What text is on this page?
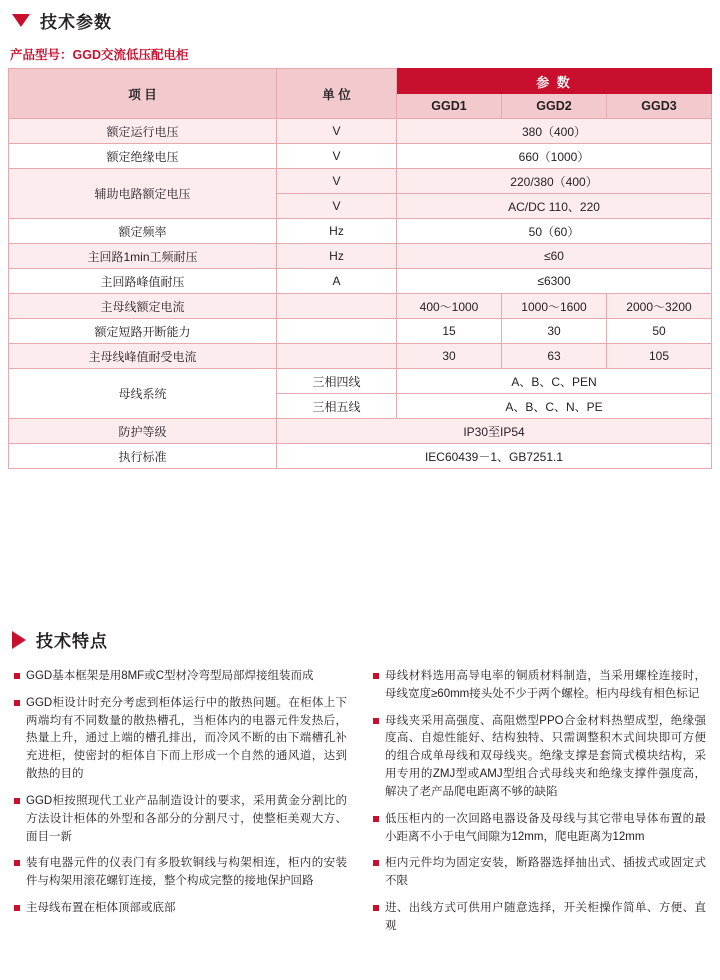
技术参数
产品型号：GGD交流低压配电柜
项 目	单 位	参 数		
		GGD1	GGD2	GGD3
额定运行电压	V	380（400）		
额定绝缘电压	V	660（1000）		
辅助电路额定电压	V	220/380（400）		
	V	AC/DC 110、220		
额定频率	Hz	50（60）		
主回路1min工频耐压	Hz	≤60		
主回路峰值耐压	A	≤6300		
主母线额定电流		400～1000	1000～1600	2000～3200
额定短路开断能力		15	30	50
主母线峰值耐受电流		30	63	105
母线系统	三相四线	A、B、C、PEN		
	三相五线	A、B、C、N、PE		
防护等级	IP30至IP54			
执行标准	IEC60439－1、GB7251.1			
技术特点
GGD基本框架是用8MF或C型材冷弯型局部焊接组装而成
GGD柜设计时充分考虑到柜体运行中的散热问题。在柜体上下两端均有不同数量的散热槽孔，当柜体内的电器元件发热后，热量上升，通过上端的槽孔排出，而冷风不断的由下端槽孔补充进柜，使密封的柜体自下而上形成一个自然的通风道，达到散热的目的
GGD柜按照现代工业产品制造设计的要求，采用黄金分割比的方法设计柜体的外型和各部分的分割尺寸，使整柜美观大方、面目一新
装有电器元件的仪表门有多股软铜线与构架相连，柜内的安装件与构架用滚花螺钉连接，整个构成完整的接地保护回路
主母线布置在柜体顶部或底部
母线材料选用高导电率的铜质材料制造，当采用螺栓连接时，母线宽度≥60mm接头处不少于两个螺栓。柜内母线有相色标记
母线夹采用高强度、高阻燃型PPO合金材料热塑成型，绝缘强度高、自熄性能好、结构独特、只需调整积木式间块即可方便的组合成单母线和双母线夹。绝缘支撑是套筒式模块结构，采用专用的ZMJ型或AMJ型组合式母线夹和绝缘支撑件强度高，解决了老产品爬电距离不够的缺陷
低压柜内的一次回路电器设备及母线与其它带电导体布置的最小距离不小于电气间隙为12mm，爬电距离为12mm
柜内元件均为固定安装，断路器选择抽出式、插拔式或固定式不限
进、出线方式可供用户随意选择，开关柜操作简单、方便、直观
